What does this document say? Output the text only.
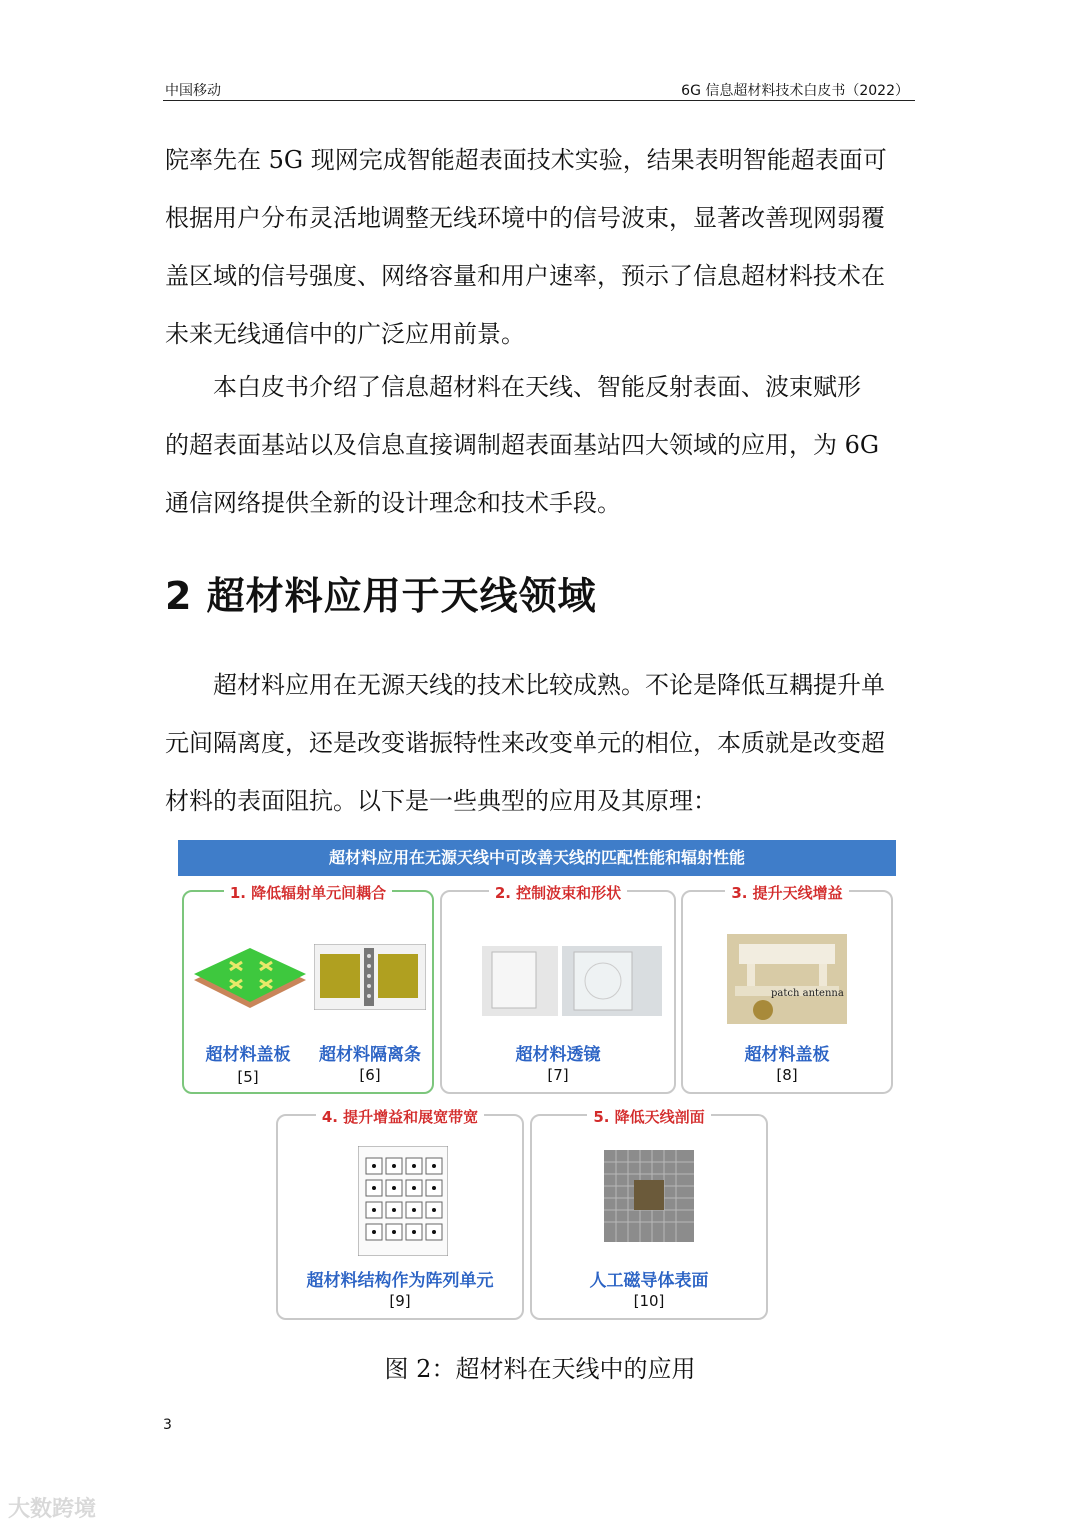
中国移动	6G 信息超材料技术白皮书（2022）
院率先在 5G 现网完成智能超表面技术实验，结果表明智能超表面可
根据用户分布灵活地调整无线环境中的信号波束，显著改善现网弱覆
盖区域的信号强度、网络容量和用户速率，预示了信息超材料技术在
未来无线通信中的广泛应用前景。
本白皮书介绍了信息超材料在天线、智能反射表面、波束赋形
的超表面基站以及信息直接调制超表面基站四大领域的应用，为 6G
通信网络提供全新的设计理念和技术手段。
2 超材料应用于天线领域
超材料应用在无源天线的技术比较成熟。不论是降低互耦提升单
元间隔离度，还是改变谐振特性来改变单元的相位，本质就是改变超
材料的表面阻抗。以下是一些典型的应用及其原理：
超材料应用在无源天线中可改善天线的匹配性能和辐射性能
1. 降低辐射单元间耦合
超材料盖板	超材料隔离条
[5]	[6]
2. 控制波束和形状
超材料透镜
[7]
3. 提升天线增益
patch antenna
超材料盖板
[8]
4. 提升增益和展宽带宽
超材料结构作为阵列单元
[9]
5. 降低天线剖面
人工磁导体表面
[10]
图 2：超材料在天线中的应用
3
大数跨境
